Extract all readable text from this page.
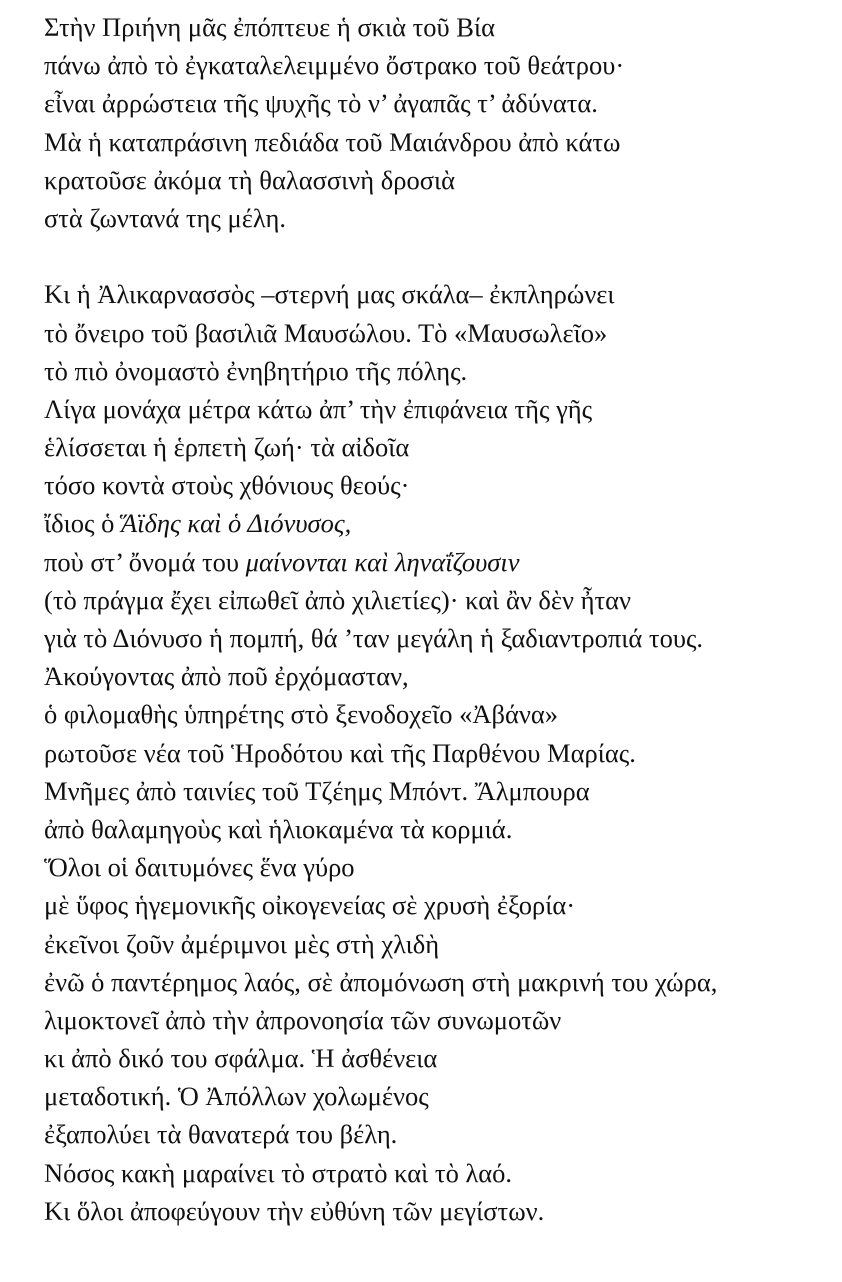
Στὴν Πριήνη μᾶς ἐπόπτευε ἡ σκιὰ τοῦ Βία
πάνω ἀπὸ τὸ ἐγκαταλελειμμένο ὄστρακο τοῦ θεάτρου·
εἶναι ἀρρώστεια τῆς ψυχῆς τὸ ν’ ἀγαπᾶς τ’ ἀδύνατα.
Μὰ ἡ καταπράσινη πεδιάδα τοῦ Μαιάνδρου ἀπὸ κάτω
κρατοῦσε ἀκόμα τὴ θαλασσινὴ δροσιὰ
στὰ ζωντανά της μέλη.
Κι ἡ Ἀλικαρνασσὸς –στερνή μας σκάλα– ἐκπληρώνει
τὸ ὄνειρο τοῦ βασιλιᾶ Μαυσώλου. Τὸ «Μαυσωλεῖο»
τὸ πιὸ ὀνομαστὸ ἐνηβητήριο τῆς πόλης.
Λίγα μονάχα μέτρα κάτω ἀπ’ τὴν ἐπιφάνεια τῆς γῆς
ἑλίσσεται ἡ ἑρπετὴ ζωή· τὰ αἰδοῖα
τόσο κοντὰ στοὺς χθόνιους θεούς·
ἴδιος ὁ Ἅϊδης καὶ ὁ Διόνυσος,
ποὺ στ’ ὄνομά του μαίνονται καὶ ληναΐζουσιν
(τὸ πράγμα ἔχει εἰπωθεῖ ἀπὸ χιλιετίες)· καὶ ἂν δὲν ἦταν
γιὰ τὸ Διόνυσο ἡ πομπή, θά ’ταν μεγάλη ἡ ξαδιαντροπιά τους.
Ἀκούγοντας ἀπὸ ποῦ ἐρχόμασταν,
ὁ φιλομαθὴς ὑπηρέτης στὸ ξενοδοχεῖο «Ἀβάνα»
ρωτοῦσε νέα τοῦ Ἡροδότου καὶ τῆς Παρθένου Μαρίας.
Μνῆμες ἀπὸ ταινίες τοῦ Τζέημς Μπόντ. Ἄλμπουρα
ἀπὸ θαλαμηγοὺς καὶ ἡλιοκαμένα τὰ κορμιά.
Ὅλοι οἱ δαιτυμόνες ἕνα γύρο
μὲ ὕφος ἡγεμονικῆς οἰκογενείας σὲ χρυσὴ ἐξορία·
ἐκεῖνοι ζοῦν ἀμέριμνοι μὲς στὴ χλιδὴ
ἐνῶ ὁ παντέρημος λαός, σὲ ἀπομόνωση στὴ μακρινή του χώρα,
λιμοκτονεῖ ἀπὸ τὴν ἀπρονοησία τῶν συνωμοτῶν
κι ἀπὸ δικό του σφάλμα. Ἡ ἀσθένεια
μεταδοτική. Ὁ Ἀπόλλων χολωμένος
ἐξαπολύει τὰ θανατερά του βέλη.
Νόσος κακὴ μαραίνει τὸ στρατὸ καὶ τὸ λαό.
Κι ὅλοι ἀποφεύγουν τὴν εὐθύνη τῶν μεγίστων.
